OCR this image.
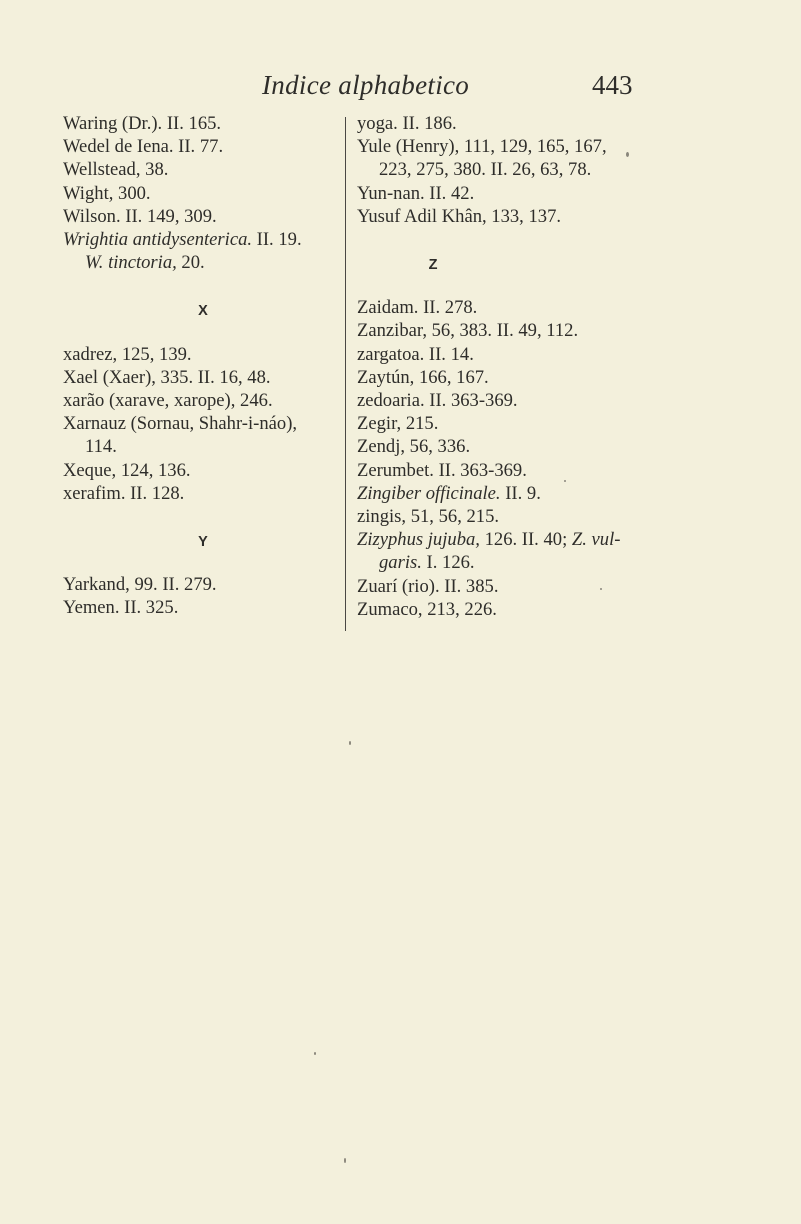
Indice alphabetico	443
Waring (Dr.). II. 165.
Wedel de Iena. II. 77.
Wellstead, 38.
Wight, 300.
Wilson. II. 149, 309.
Wrightia antidysenterica. II. 19.
W. tinctoria, 20.
X
xadrez, 125, 139.
Xael (Xaer), 335. II. 16, 48.
xarão (xarave, xarope), 246.
Xarnauz (Sornau, Shahr-i-náo),
114.
Xeque, 124, 136.
xerafim. II. 128.
Y
Yarkand, 99. II. 279.
Yemen. II. 325.
yoga. II. 186.
Yule (Henry), 111, 129, 165, 167,
223, 275, 380. II. 26, 63, 78.
Yun-nan. II. 42.
Yusuf Adil Khân, 133, 137.
Z
Zaidam. II. 278.
Zanzibar, 56, 383. II. 49, 112.
zargatoa. II. 14.
Zaytún, 166, 167.
zedoaria. II. 363-369.
Zegir, 215.
Zendj, 56, 336.
Zerumbet. II. 363-369.
Zingiber officinale. II. 9.
zingis, 51, 56, 215.
Zizyphus jujuba, 126. II. 40; Z. vul-
garis. I. 126.
Zuarí (rio). II. 385.
Zumaco, 213, 226.
